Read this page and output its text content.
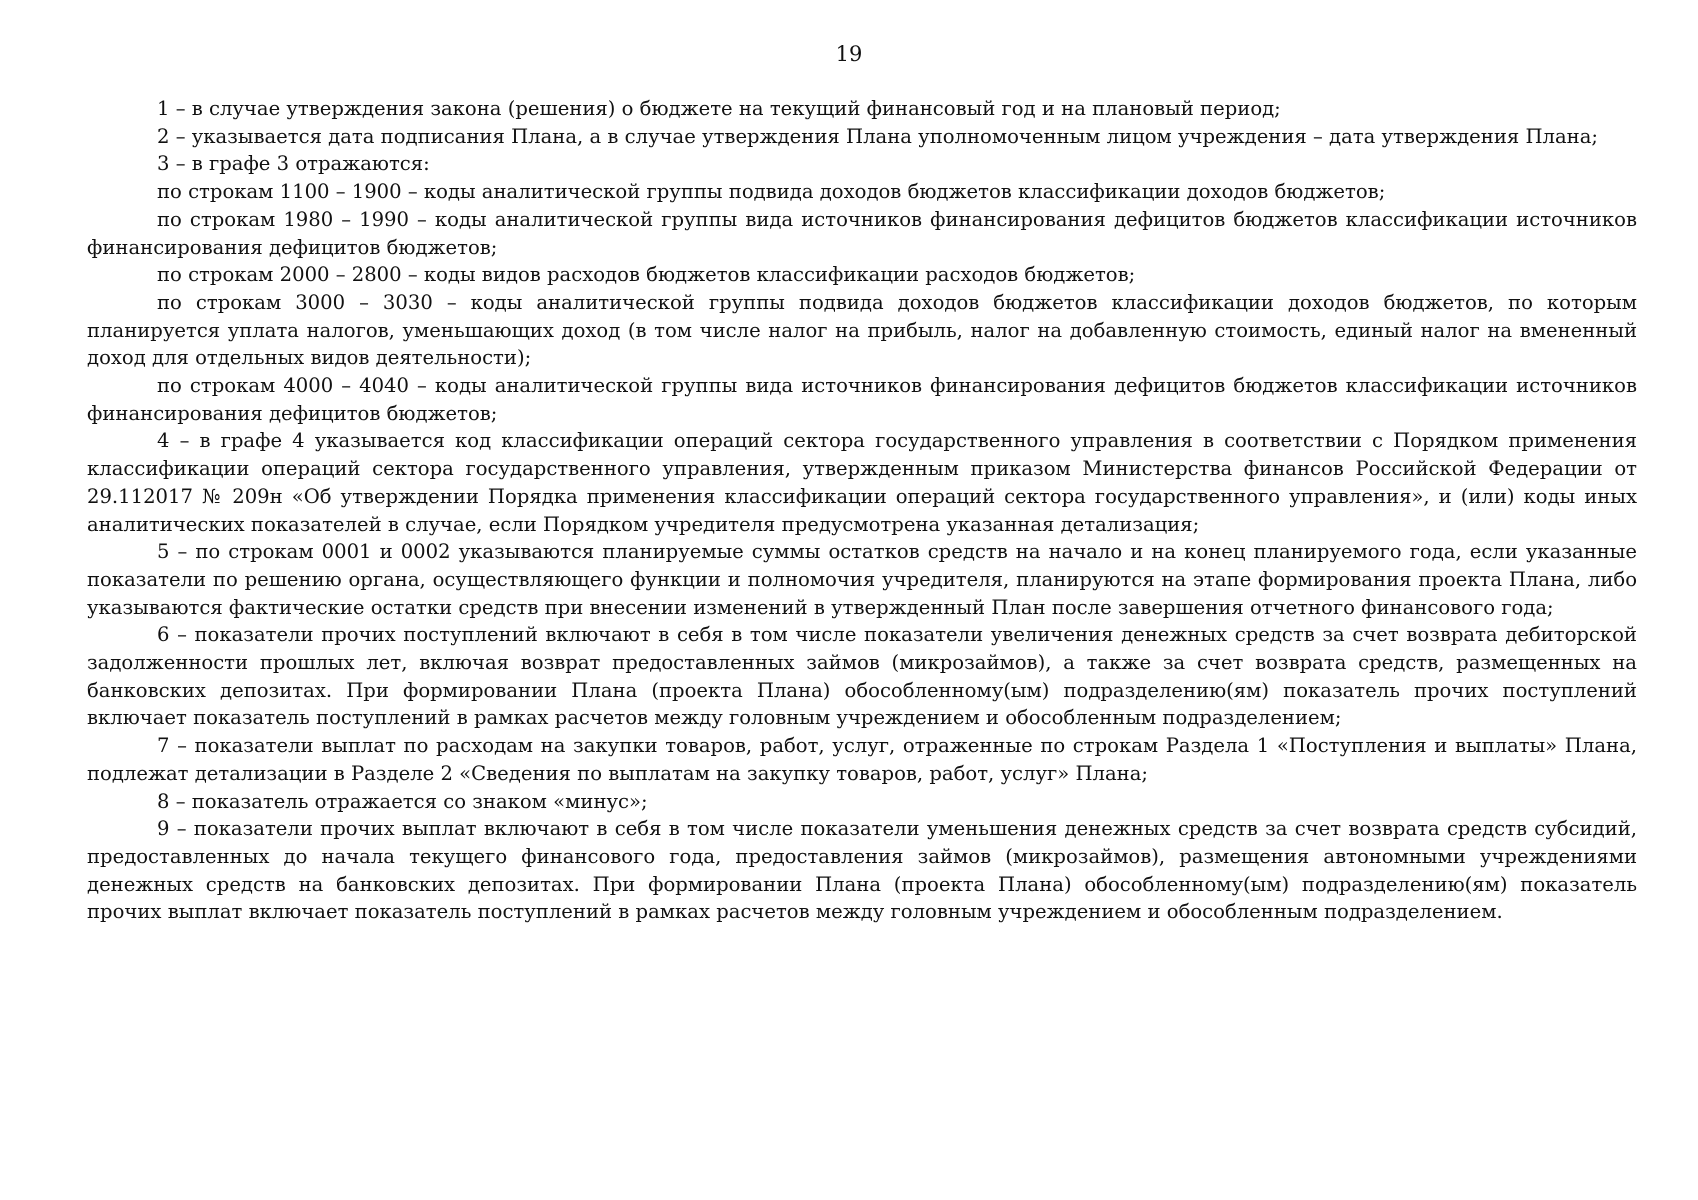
19

1 – в случае утверждения закона (решения) о бюджете на текущий финансовый год и на плановый период;

2 – указывается дата подписания Плана, а в случае утверждения Плана уполномоченным лицом учреждения – дата утверждения Плана;

3 – в графе 3 отражаются:

по строкам 1100 – 1900 – коды аналитической группы подвида доходов бюджетов классификации доходов бюджетов;

по строкам 1980 – 1990 – коды аналитической группы вида источников финансирования дефицитов бюджетов классификации источников финансирования дефицитов бюджетов;

по строкам 2000 – 2800 – коды видов расходов бюджетов классификации расходов бюджетов;

по строкам 3000 – 3030 – коды аналитической группы подвида доходов бюджетов классификации доходов бюджетов, по которым планируется уплата налогов, уменьшающих доход (в том числе налог на прибыль, налог на добавленную стоимость, единый налог на вмененный доход для отдельных видов деятельности);

по строкам 4000 – 4040 – коды аналитической группы вида источников финансирования дефицитов бюджетов классификации источников финансирования дефицитов бюджетов;

4 – в графе 4 указывается код классификации операций сектора государственного управления в соответствии с Порядком применения классификации операций сектора государственного управления, утвержденным приказом Министерства финансов Российской Федерации от 29.112017 № 209н «Об утверждении Порядка применения классификации операций сектора государственного управления», и (или) коды иных аналитических показателей в случае, если Порядком учредителя предусмотрена указанная детализация;

5 – по строкам 0001 и 0002 указываются планируемые суммы остатков средств на начало и на конец планируемого года, если указанные показатели по решению органа, осуществляющего функции и полномочия учредителя, планируются на этапе формирования проекта Плана, либо указываются фактические остатки средств при внесении изменений в утвержденный План после завершения отчетного финансового года;

6 – показатели прочих поступлений включают в себя в том числе показатели увеличения денежных средств за счет возврата дебиторской задолженности прошлых лет, включая возврат предоставленных займов (микрозаймов), а также за счет возврата средств, размещенных на банковских депозитах. При формировании Плана (проекта Плана) обособленному(ым) подразделению(ям) показатель прочих поступлений включает показатель поступлений в рамках расчетов между головным учреждением и обособленным подразделением;

7 – показатели выплат по расходам на закупки товаров, работ, услуг, отраженные по строкам Раздела 1 «Поступления и выплаты» Плана, подлежат детализации в Разделе 2 «Сведения по выплатам на закупку товаров, работ, услуг» Плана;

8 – показатель отражается со знаком «минус»;

9 – показатели прочих выплат включают в себя в том числе показатели уменьшения денежных средств за счет возврата средств субсидий, предоставленных до начала текущего финансового года, предоставления займов (микрозаймов), размещения автономными учреждениями денежных средств на банковских депозитах. При формировании Плана (проекта Плана) обособленному(ым) подразделению(ям) показатель прочих выплат включает показатель поступлений в рамках расчетов между головным учреждением и обособленным подразделением.
